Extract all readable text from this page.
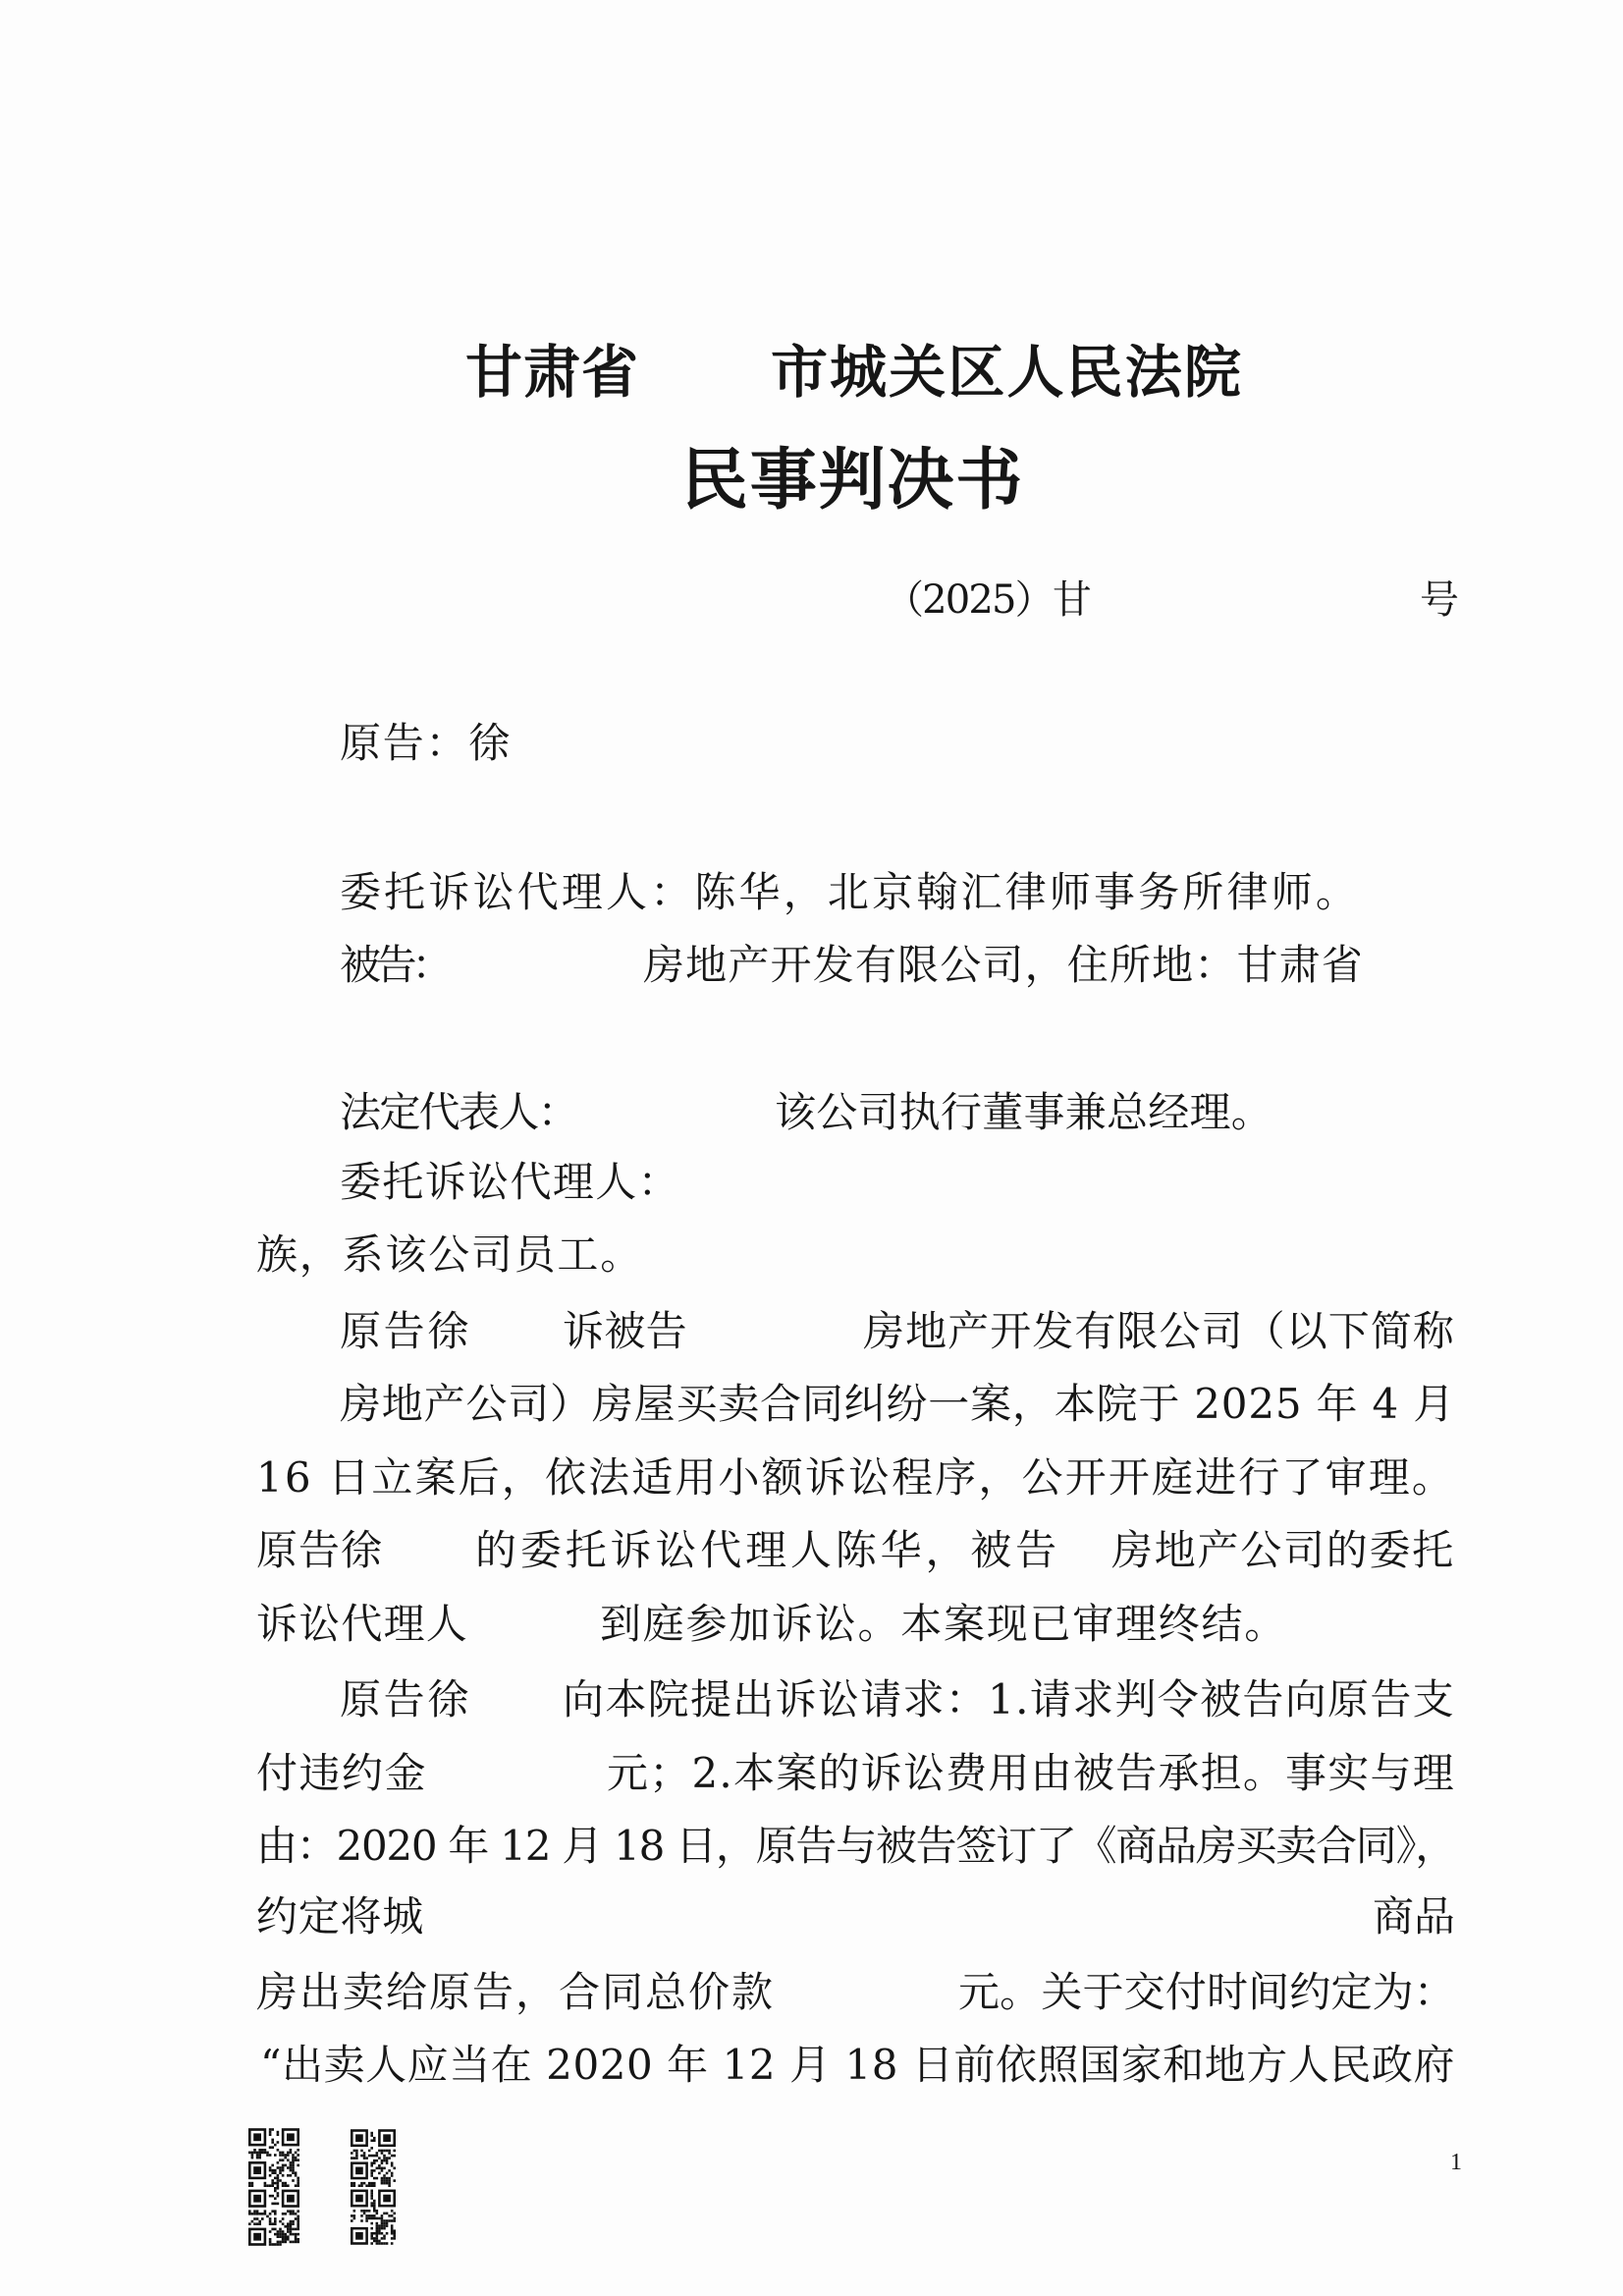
甘肃省 市城关区人民法院
民事判决书
（2025）甘	号
原告：徐
委托诉讼代理人：陈华，北京翰汇律师事务所律师。
被告：	房地产开发有限公司，住所地：甘肃省
法定代表人：	该公司执行董事兼总经理。
委托诉讼代理人：
族，系该公司员工。
原告徐 诉被告	房地产开发有限公司（以下简称
房地产公司）房屋买卖合同纠纷一案，本院于 2025 年 4 月
16 日立案后，依法适用小额诉讼程序，公开开庭进行了审理。
原告徐 的委托诉讼代理人陈华，被告 房地产公司的委托
诉讼代理人	到庭参加诉讼。本案现已审理终结。
原告徐 向本院提出诉讼请求：1.请求判令被告向原告支
付违约金	元；2.本案的诉讼费用由被告承担。事实与理
由：2020 年 12 月 18 日，原告与被告签订了《商品房买卖合同》，
约定将城	商品
房出卖给原告，合同总价款	元。关于交付时间约定为：
“出卖人应当在 2020 年 12 月 18 日前依照国家和地方人民政府
1
